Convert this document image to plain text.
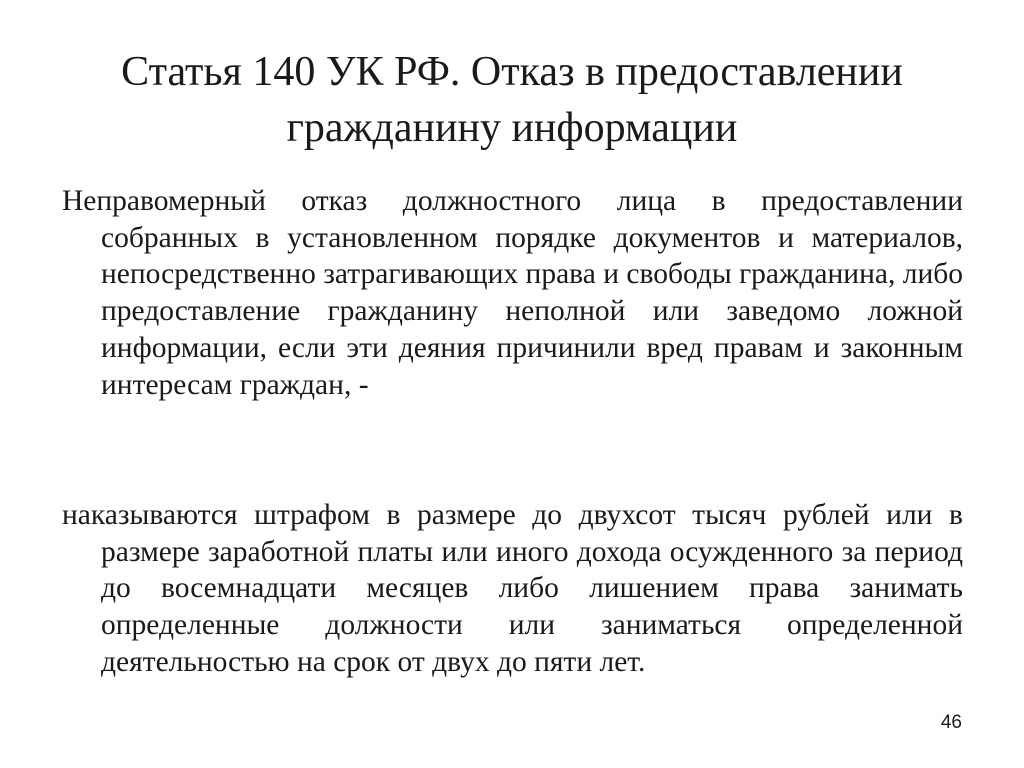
Статья 140 УК РФ. Отказ в предоставлении
гражданину информации

Неправомерный отказ должностного лица в предоставлении собранных в установленном порядке документов и материалов, непосредственно затрагивающих права и свободы гражданина, либо предоставление гражданину неполной или заведомо ложной информации, если эти деяния причинили вред правам и законным интересам граждан, -

наказываются штрафом в размере до двухсот тысяч рублей или в размере заработной платы или иного дохода осужденного за период до восемнадцати месяцев либо лишением права занимать определенные должности или заниматься определенной деятельностью на срок от двух до пяти лет.

46
